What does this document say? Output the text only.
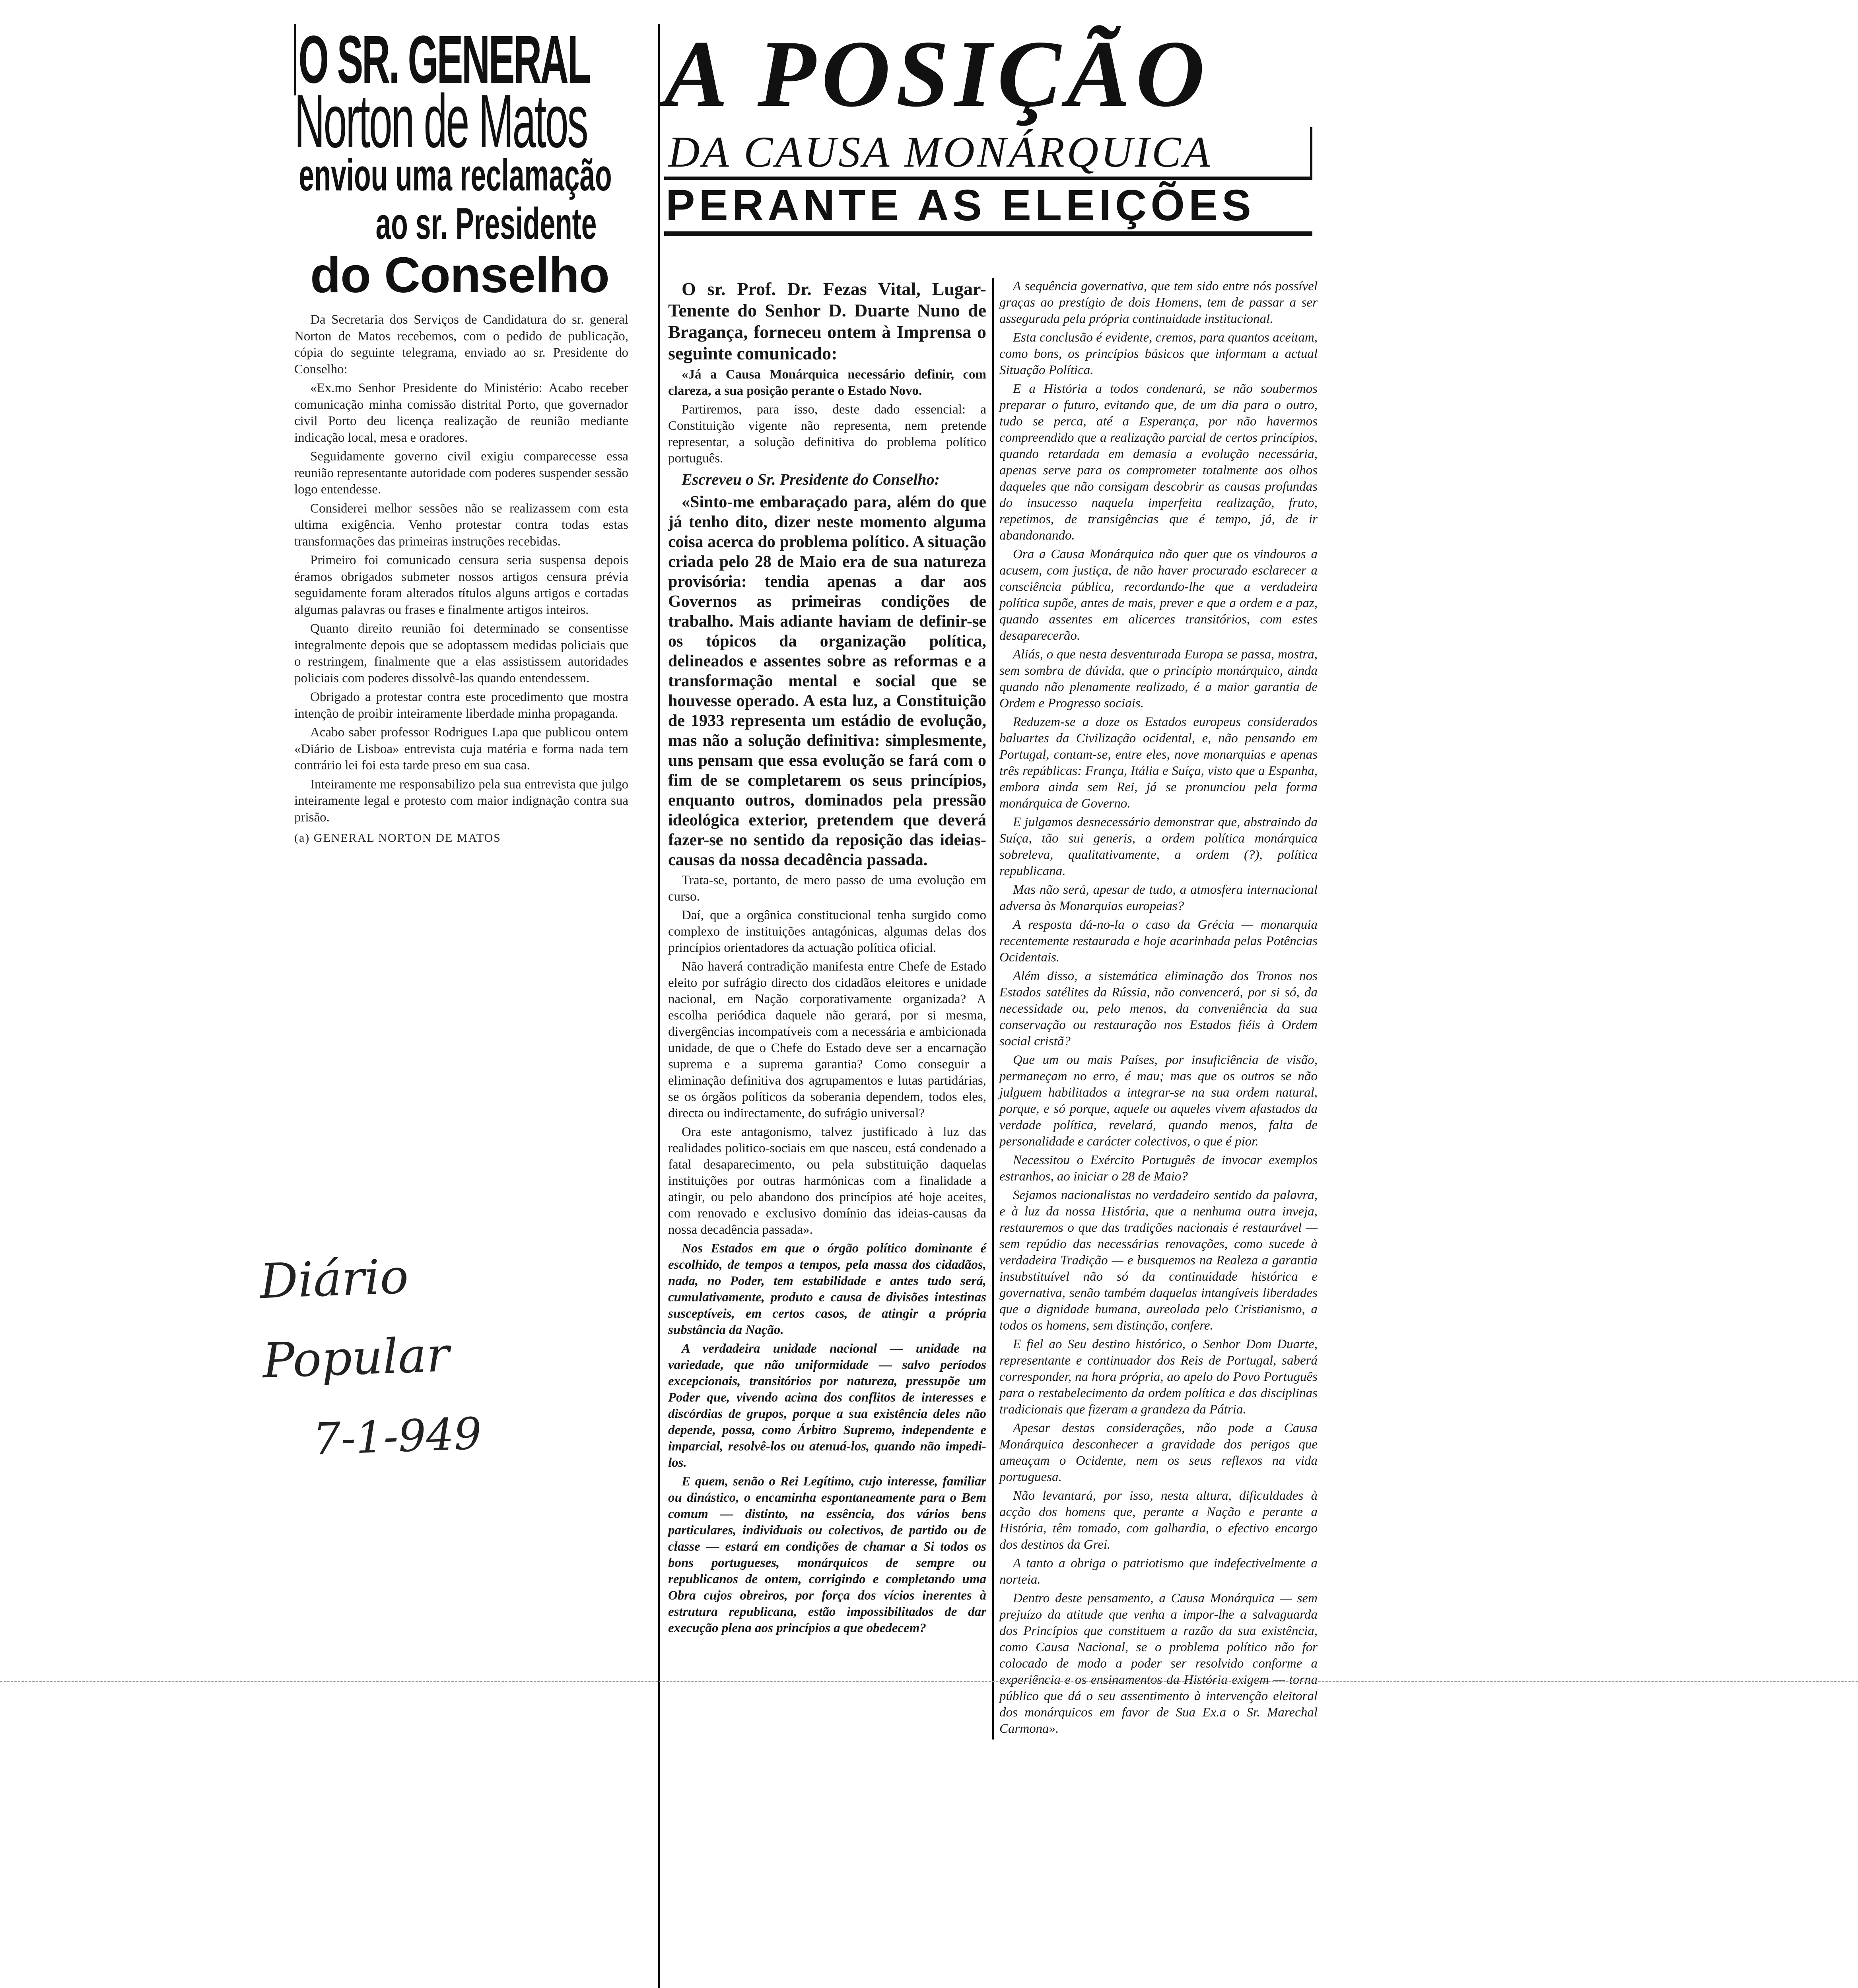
O SR. GENERAL
Norton de Matos
enviou uma reclamação
ao sr. Presidente
do Conselho

Da Secretaria dos Serviços de Candidatura do sr. general Norton de Matos recebemos, com o pedido de publicação, cópia do seguinte telegrama, enviado ao sr. Presidente do Conselho:

«Ex.mo Senhor Presidente do Ministério: Acabo receber comunicação minha comissão distrital Porto, que governador civil Porto deu licença realização de reunião mediante indicação local, mesa e oradores.

Seguidamente governo civil exigiu comparecesse essa reunião representante autoridade com poderes suspender sessão logo entendesse.

Considerei melhor sessões não se realizassem com esta ultima exigência. Venho protestar contra todas estas transformações das primeiras instruções recebidas.

Primeiro foi comunicado censura seria suspensa depois éramos obrigados submeter nossos artigos censura prévia seguidamente foram alterados títulos alguns artigos e cortadas algumas palavras ou frases e finalmente artigos inteiros.

Quanto direito reunião foi determinado se consentisse integralmente depois que se adoptassem medidas policiais que o restringem, finalmente que a elas assistissem autoridades policiais com poderes dissolvê-las quando entendessem.

Obrigado a protestar contra este procedimento que mostra intenção de proibir inteiramente liberdade minha propaganda.

Acabo saber professor Rodrigues Lapa que publicou ontem «Diário de Lisboa» entrevista cuja matéria e forma nada tem contrário lei foi esta tarde preso em sua casa.

Inteiramente me responsabilizo pela sua entrevista que julgo inteiramente legal e protesto com maior indignação contra sua prisão.

(a) GENERAL NORTON DE MATOS
Diário Popular
7-1-949
A POSIÇÃO
DA CAUSA MONÁRQUICA
PERANTE AS ELEIÇÕES

O sr. Prof. Dr. Fezas Vital, Lugar-Tenente do Senhor D. Duarte Nuno de Bragança, forneceu ontem à Imprensa o seguinte comunicado:

«Já a Causa Monárquica necessário definir, com clareza, a sua posição perante o Estado Novo.

Partiremos, para isso, deste dado essencial: a Constituição vigente não representa, nem pretende representar, a solução definitiva do problema político português.

Escreveu o Sr. Presidente do Conselho:

«Sinto-me embaraçado para, além do que já tenho dito, dizer neste momento alguma coisa acerca do problema político. A situação criada pelo 28 de Maio era de sua natureza provisória: tendia apenas a dar aos Governos as primeiras condições de trabalho. Mais adiante haviam de definir-se os tópicos da organização política, delineados e assentes sobre as reformas e a transformação mental e social que se houvesse operado. A esta luz, a Constituição de 1933 representa um estádio de evolução, mas não a solução definitiva: simplesmente, uns pensam que essa evolução se fará com o fim de se completarem os seus princípios, enquanto outros, dominados pela pressão ideológica exterior, pretendem que deverá fazer-se no sentido da reposição das ideias-causas da nossa decadência passada.

Trata-se, portanto, de mero passo de uma evolução em curso.

Daí, que a orgânica constitucional tenha surgido como complexo de instituições antagónicas, algumas delas dos princípios orientadores da actuação política oficial.

Não haverá contradição manifesta entre Chefe de Estado eleito por sufrágio directo dos cidadãos eleitores e unidade nacional, em Nação corporativamente organizada? A escolha periódica daquele não gerará, por si mesma, divergências incompatíveis com a necessária e ambicionada unidade, de que o Chefe do Estado deve ser a encarnação suprema e a suprema garantia? Como conseguir a eliminação definitiva dos agrupamentos e lutas partidárias, se os órgãos políticos da soberania dependem, todos eles, directa ou indirectamente, do sufrágio universal?

Ora este antagonismo, talvez justificado à luz das realidades politico-sociais em que nasceu, está condenado a fatal desaparecimento, ou pela substituição daquelas instituições por outras harmónicas com a finalidade a atingir, ou pelo abandono dos princípios até hoje aceites, com renovado e exclusivo domínio das ideias-causas da nossa decadência passada».

Nos Estados em que o órgão político dominante é escolhido, de tempos a tempos, pela massa dos cidadãos, nada, no Poder, tem estabilidade e antes tudo será, cumulativamente, produto e causa de divisões intestinas susceptíveis, em certos casos, de atingir a própria substância da Nação.

A verdadeira unidade nacional — unidade na variedade, que não uniformidade — salvo períodos excepcionais, transitórios por natureza, pressupõe um Poder que, vivendo acima dos conflitos de interesses e discórdias de grupos, porque a sua existência deles não depende, possa, como Árbitro Supremo, independente e imparcial, resolvê-los ou atenuá-los, quando não impedi-los.

E quem, senão o Rei Legítimo, cujo interesse, familiar ou dinástico, o encaminha espontaneamente para o Bem comum — distinto, na essência, dos vários bens particulares, individuais ou colectivos, de partido ou de classe — estará em condições de chamar a Si todos os bons portugueses, monárquicos de sempre ou republicanos de ontem, corrigindo e completando uma Obra cujos obreiros, por força dos vícios inerentes à estrutura republicana, estão impossibilitados de dar execução plena aos princípios a que obedecem?

A sequência governativa, que tem sido entre nós possível graças ao prestígio de dois Homens, tem de passar a ser assegurada pela própria continuidade institucional.

Esta conclusão é evidente, cremos, para quantos aceitam, como bons, os princípios básicos que informam a actual Situação Política.

E a História a todos condenará, se não soubermos preparar o futuro, evitando que, de um dia para o outro, tudo se perca, até a Esperança, por não havermos compreendido que a realização parcial de certos princípios, quando retardada em demasia a evolução necessária, apenas serve para os comprometer totalmente aos olhos daqueles que não consigam descobrir as causas profundas do insucesso naquela imperfeita realização, fruto, repetimos, de transigências que é tempo, já, de ir abandonando.

Ora a Causa Monárquica não quer que os vindouros a acusem, com justiça, de não haver procurado esclarecer a consciência pública, recordando-lhe que a verdadeira política supõe, antes de mais, prever e que a ordem e a paz, quando assentes em alicerces transitórios, com estes desaparecerão.

Aliás, o que nesta desventurada Europa se passa, mostra, sem sombra de dúvida, que o princípio monárquico, ainda quando não plenamente realizado, é a maior garantia de Ordem e Progresso sociais.

Reduzem-se a doze os Estados europeus considerados baluartes da Civilização ocidental, e, não pensando em Portugal, contam-se, entre eles, nove monarquias e apenas três repúblicas: França, Itália e Suíça, visto que a Espanha, embora ainda sem Rei, já se pronunciou pela forma monárquica de Governo.

E julgamos desnecessário demonstrar que, abstraindo da Suíça, tão sui generis, a ordem política monárquica sobreleva, qualitativamente, a ordem (?), política republicana.

Mas não será, apesar de tudo, a atmosfera internacional adversa às Monarquias europeias?

A resposta dá-no-la o caso da Grécia — monarquia recentemente restaurada e hoje acarinhada pelas Potências Ocidentais.

Além disso, a sistemática eliminação dos Tronos nos Estados satélites da Rússia, não convencerá, por si só, da necessidade ou, pelo menos, da conveniência da sua conservação ou restauração nos Estados fiéis à Ordem social cristã?

Que um ou mais Países, por insuficiência de visão, permaneçam no erro, é mau; mas que os outros se não julguem habilitados a integrar-se na sua ordem natural, porque, e só porque, aquele ou aqueles vivem afastados da verdade política, revelará, quando menos, falta de personalidade e carácter colectivos, o que é pior.

Necessitou o Exército Português de invocar exemplos estranhos, ao iniciar o 28 de Maio?

Sejamos nacionalistas no verdadeiro sentido da palavra, e à luz da nossa História, que a nenhuma outra inveja, restauremos o que das tradições nacionais é restaurável — sem repúdio das necessárias renovações, como sucede à verdadeira Tradição — e busquemos na Realeza a garantia insubstituível não só da continuidade histórica e governativa, senão também daquelas intangíveis liberdades que a dignidade humana, aureolada pelo Cristianismo, a todos os homens, sem distinção, confere.

E fiel ao Seu destino histórico, o Senhor Dom Duarte, representante e continuador dos Reis de Portugal, saberá corresponder, na hora própria, ao apelo do Povo Português para o restabelecimento da ordem política e das disciplinas tradicionais que fizeram a grandeza da Pátria.

Apesar destas considerações, não pode a Causa Monárquica desconhecer a gravidade dos perigos que ameaçam o Ocidente, nem os seus reflexos na vida portuguesa.

Não levantará, por isso, nesta altura, dificuldades à acção dos homens que, perante a Nação e perante a História, têm tomado, com galhardia, o efectivo encargo dos destinos da Grei.

A tanto a obriga o patriotismo que indefectivelmente a norteia.

Dentro deste pensamento, a Causa Monárquica — sem prejuízo da atitude que venha a impor-lhe a salvaguarda dos Princípios que constituem a razão da sua existência, como Causa Nacional, se o problema político não for colocado de modo a poder ser resolvido conforme a experiência e os ensinamentos da História exigem — torna público que dá o seu assentimento à intervenção eleitoral dos monárquicos em favor de Sua Ex.a o Sr. Marechal Carmona».
